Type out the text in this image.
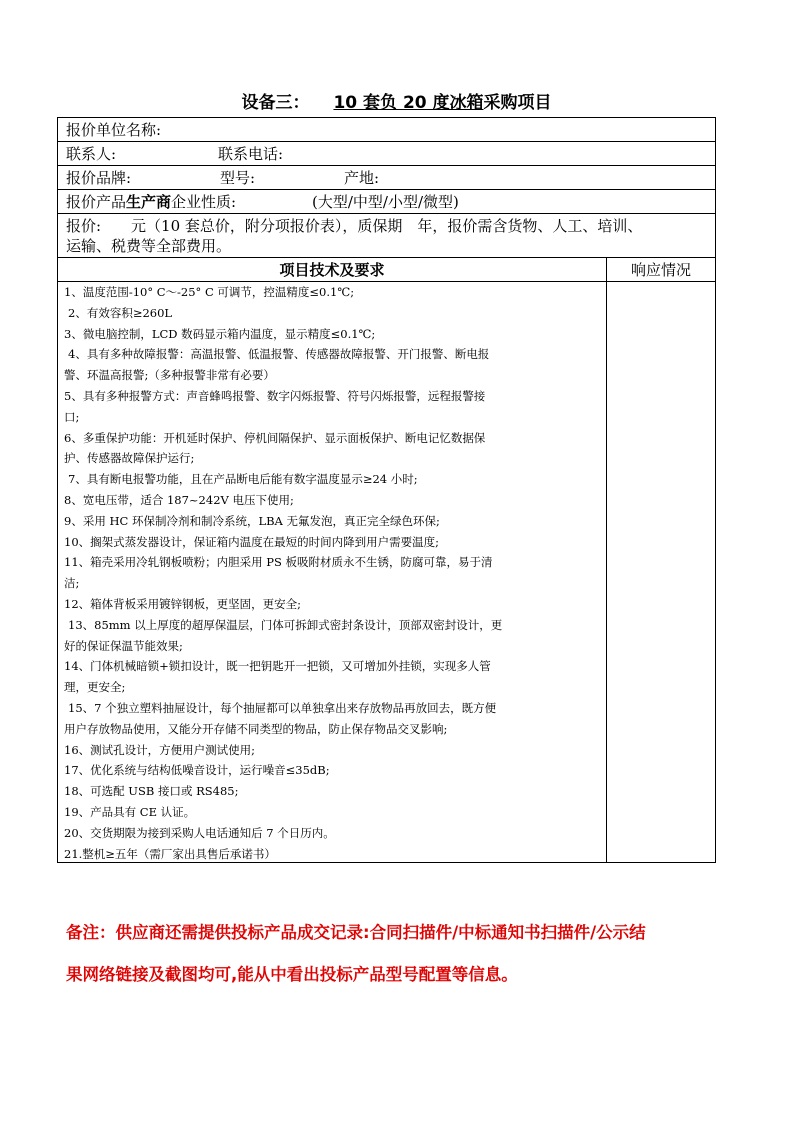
设备三： 10 套负 20 度冰箱采购项目
报价单位名称:
联系人:	联系电话:
报价品牌:	型号:	产地:
报价产品生产商企业性质:	(大型/中型/小型/微型)
报价:　　元（10 套总价，附分项报价表），质保期　年，报价需含货物、人工、培训、
运输、税费等全部费用。
项目技术及要求	响应情况
1、温度范围-10° C～-25° C 可调节，控温精度≤0.1℃;
2、有效容积≥260L
3、微电脑控制，LCD 数码显示箱内温度，显示精度≤0.1℃;
4、具有多种故障报警：高温报警、低温报警、传感器故障报警、开门报警、断电报
警、环温高报警;（多种报警非常有必要）
5、具有多种报警方式：声音蜂鸣报警、数字闪烁报警、符号闪烁报警，远程报警接
口;
6、多重保护功能：开机延时保护、停机间隔保护、显示面板保护、断电记忆数据保
护、传感器故障保护运行;
7、具有断电报警功能，且在产品断电后能有数字温度显示≥24 小时;
8、宽电压带，适合 187~242V 电压下使用;
9、采用 HC 环保制冷剂和制冷系统，LBA 无氟发泡，真正完全绿色环保;
10、搁架式蒸发器设计，保证箱内温度在最短的时间内降到用户需要温度;
11、箱壳采用冷轧钢板喷粉；内胆采用 PS 板吸附材质永不生锈，防腐可靠，易于清
洁;
12、箱体背板采用镀锌钢板，更坚固，更安全;
13、85mm 以上厚度的超厚保温层，门体可拆卸式密封条设计，顶部双密封设计，更
好的保证保温节能效果;
14、门体机械暗锁+锁扣设计，既一把钥匙开一把锁，又可增加外挂锁，实现多人管
理，更安全;
15、7 个独立塑料抽屉设计，每个抽屉都可以单独拿出来存放物品再放回去，既方便
用户存放物品使用，又能分开存储不同类型的物品，防止保存物品交叉影响;
16、测试孔设计，方便用户测试使用;
17、优化系统与结构低噪音设计，运行噪音≤35dB;
18、可选配 USB 接口或 RS485;
19、产品具有 CE 认证。
20、交货期限为接到采购人电话通知后 7 个日历内。
21.整机≥五年（需厂家出具售后承诺书）
备注：供应商还需提供投标产品成交记录:合同扫描件/中标通知书扫描件/公示结
果网络链接及截图均可,能从中看出投标产品型号配置等信息。
